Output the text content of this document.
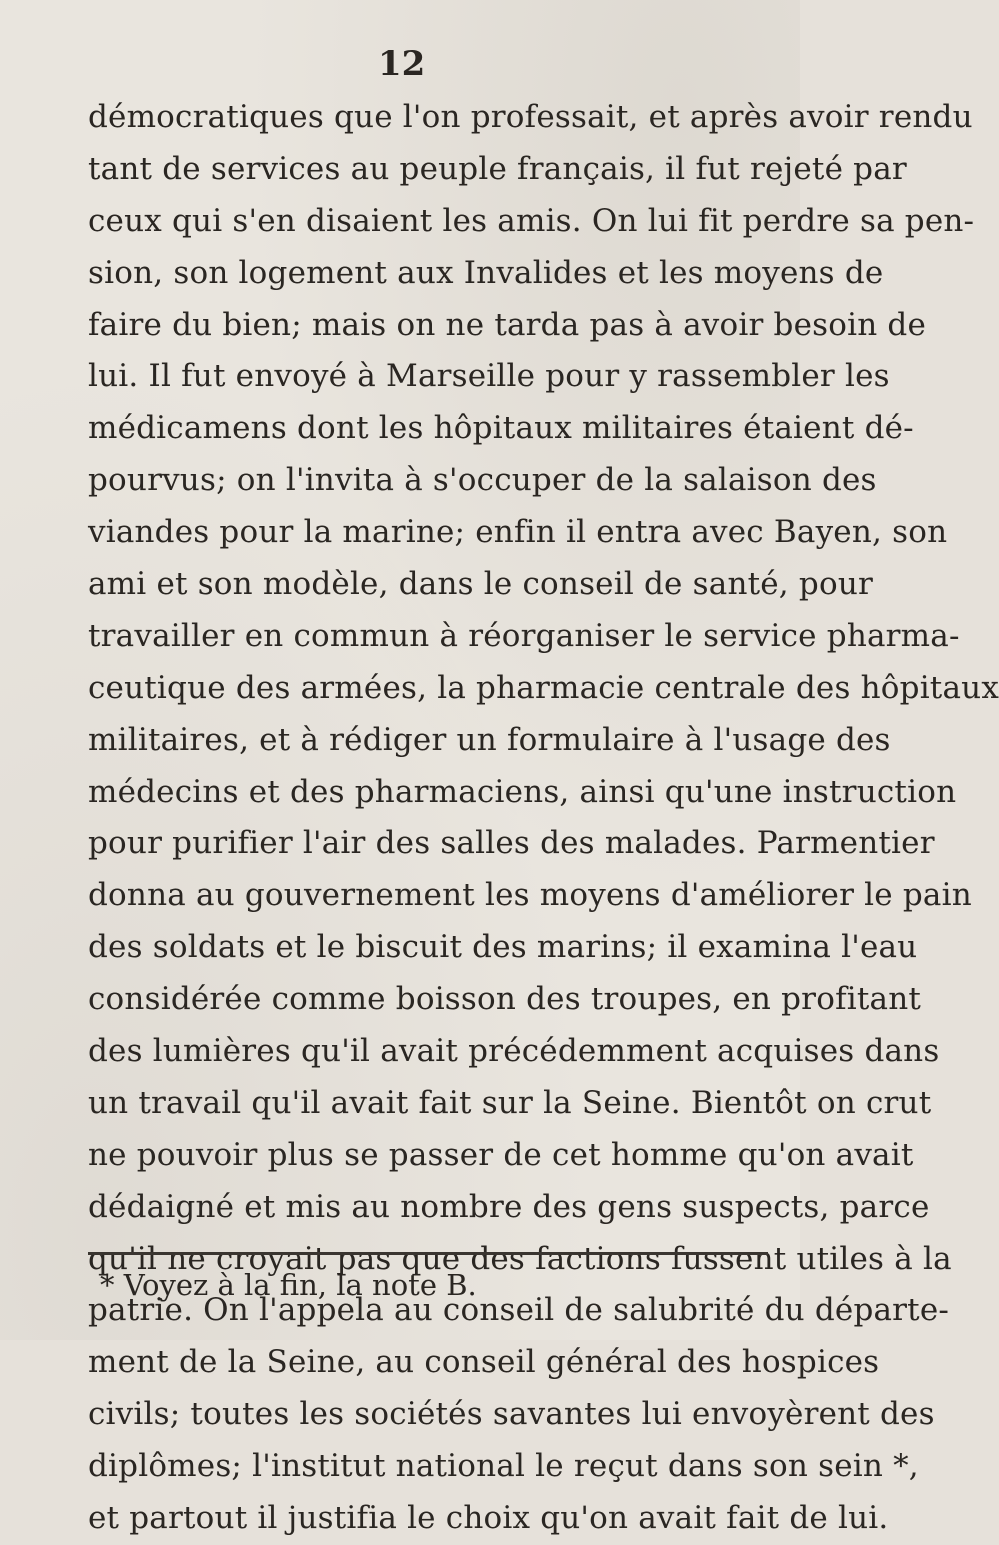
12
démocratiques que l'on professait, et après avoir rendu
tant de services au peuple français, il fut rejeté par
ceux qui s'en disaient les amis. On lui fit perdre sa pen-
sion, son logement aux Invalides et les moyens de
faire du bien; mais on ne tarda pas à avoir besoin de
lui. Il fut envoyé à Marseille pour y rassembler les
médicamens dont les hôpitaux militaires étaient dé-
pourvus; on l'invita à s'occuper de la salaison des
viandes pour la marine; enfin il entra avec Bayen, son
ami et son modèle, dans le conseil de santé, pour
travailler en commun à réorganiser le service pharma-
ceutique des armées, la pharmacie centrale des hôpitaux
militaires, et à rédiger un formulaire à l'usage des
médecins et des pharmaciens, ainsi qu'une instruction
pour purifier l'air des salles des malades. Parmentier
donna au gouvernement les moyens d'améliorer le pain
des soldats et le biscuit des marins; il examina l'eau
considérée comme boisson des troupes, en profitant
des lumières qu'il avait précédemment acquises dans
un travail qu'il avait fait sur la Seine. Bientôt on crut
ne pouvoir plus se passer de cet homme qu'on avait
dédaigné et mis au nombre des gens suspects, parce
qu'il ne croyait pas que des factions fussent utiles à la
patrie. On l'appela au conseil de salubrité du départe-
ment de la Seine, au conseil général des hospices
civils; toutes les sociétés savantes lui envoyèrent des
diplômes; l'institut national le reçut dans son sein *,
et partout il justifia le choix qu'on avait fait de lui.
* Voyez à la fin, la note B.
